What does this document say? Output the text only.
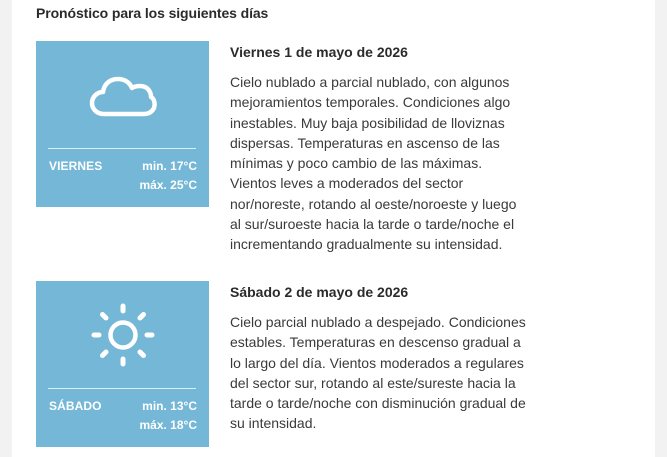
Pronóstico para los siguientes días
VIERNES	min. 17°C
máx. 25°C
Viernes 1 de mayo de 2026

Cielo nublado a parcial nublado, con algunos mejoramientos temporales. Condiciones algo inestables. Muy baja posibilidad de lloviznas dispersas. Temperaturas en ascenso de las mínimas y poco cambio de las máximas. Vientos leves a moderados del sector nor/noreste, rotando al oeste/noroeste y luego al sur/suroeste hacia la tarde o tarde/noche el incrementando gradualmente su intensidad.

SÁBADO	min. 13°C
máx. 18°C
Sábado 2 de mayo de 2026

Cielo parcial nublado a despejado. Condiciones estables. Temperaturas en descenso gradual a lo largo del día. Vientos moderados a regulares del sector sur, rotando al este/sureste hacia la tarde o tarde/noche con disminución gradual de su intensidad.
